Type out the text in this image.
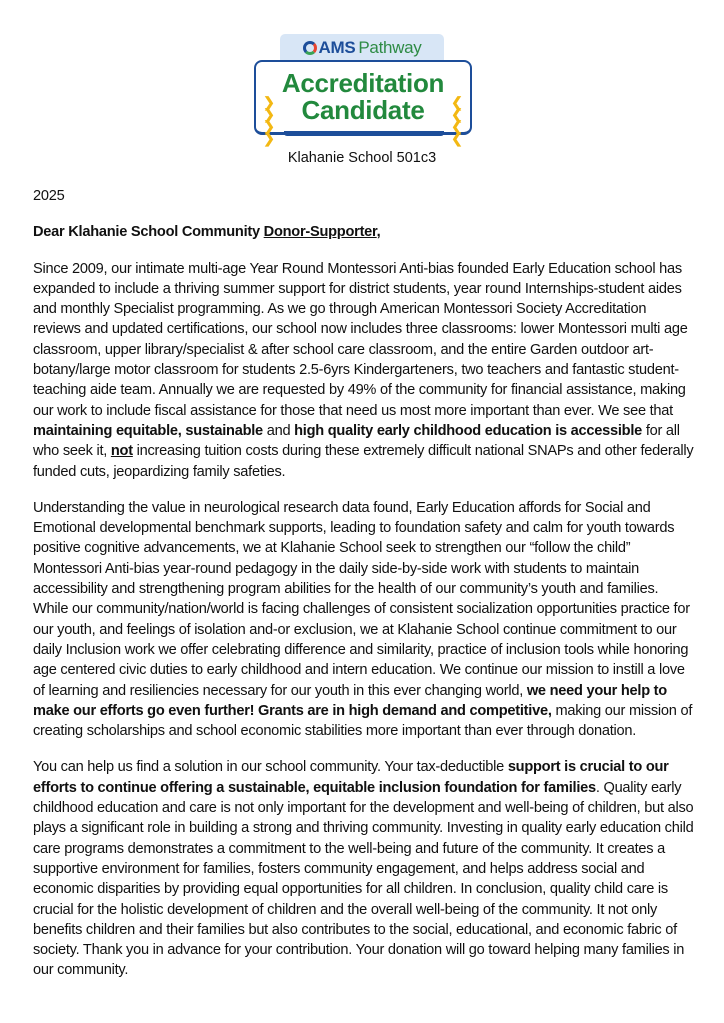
AMS Pathway
❯
❯
❯
❯
Accreditation
Candidate ❮
❮
❮
❮
Klahanie School 501c3

2025

Dear Klahanie School Community Donor-Supporter,

Since 2009, our intimate multi-age Year Round Montessori Anti-bias founded Early Education school has expanded to include a thriving summer support for district students, year round Internships-student aides and monthly Specialist programming. As we go through American Montessori Society Accreditation reviews and updated certifications, our school now includes three classrooms: lower Montessori multi age classroom, upper library/specialist & after school care classroom, and the entire Garden outdoor art-botany/large motor classroom for students 2.5-6yrs Kindergarteners, two teachers and fantastic student-teaching aide team. Annually we are requested by 49% of the community for financial assistance, making our work to include fiscal assistance for those that need us most more important than ever. We see that maintaining equitable, sustainable and high quality early childhood education is accessible for all who seek it, not increasing tuition costs during these extremely difficult national SNAPs and other federally funded cuts, jeopardizing family safeties.

Understanding the value in neurological research data found, Early Education affords for Social and Emotional developmental benchmark supports, leading to foundation safety and calm for youth towards positive cognitive advancements, we at Klahanie School seek to strengthen our “follow the child” Montessori Anti-bias year-round pedagogy in the daily side-by-side work with students to maintain accessibility and strengthening program abilities for the health of our community’s youth and families. While our community/nation/world is facing challenges of consistent socialization opportunities practice for our youth, and feelings of isolation and-or exclusion, we at Klahanie School continue commitment to our daily Inclusion work we offer celebrating difference and similarity, practice of inclusion tools while honoring age centered civic duties to early childhood and intern education. We continue our mission to instill a love of learning and resiliencies necessary for our youth in this ever changing world, we need your help to make our efforts go even further! Grants are in high demand and competitive, making our mission of creating scholarships and school economic stabilities more important than ever through donation.

You can help us find a solution in our school community. Your tax-deductible support is crucial to our efforts to continue offering a sustainable, equitable inclusion foundation for families. Quality early childhood education and care is not only important for the development and well-being of children, but also plays a significant role in building a strong and thriving community. Investing in quality early education child care programs demonstrates a commitment to the well-being and future of the community. It creates a supportive environment for families, fosters community engagement, and helps address social and economic disparities by providing equal opportunities for all children. In conclusion, quality child care is crucial for the holistic development of children and the overall well-being of the community. It not only benefits children and their families but also contributes to the social, educational, and economic fabric of society. Thank you in advance for your contribution. Your donation will go toward helping many families in our community.
